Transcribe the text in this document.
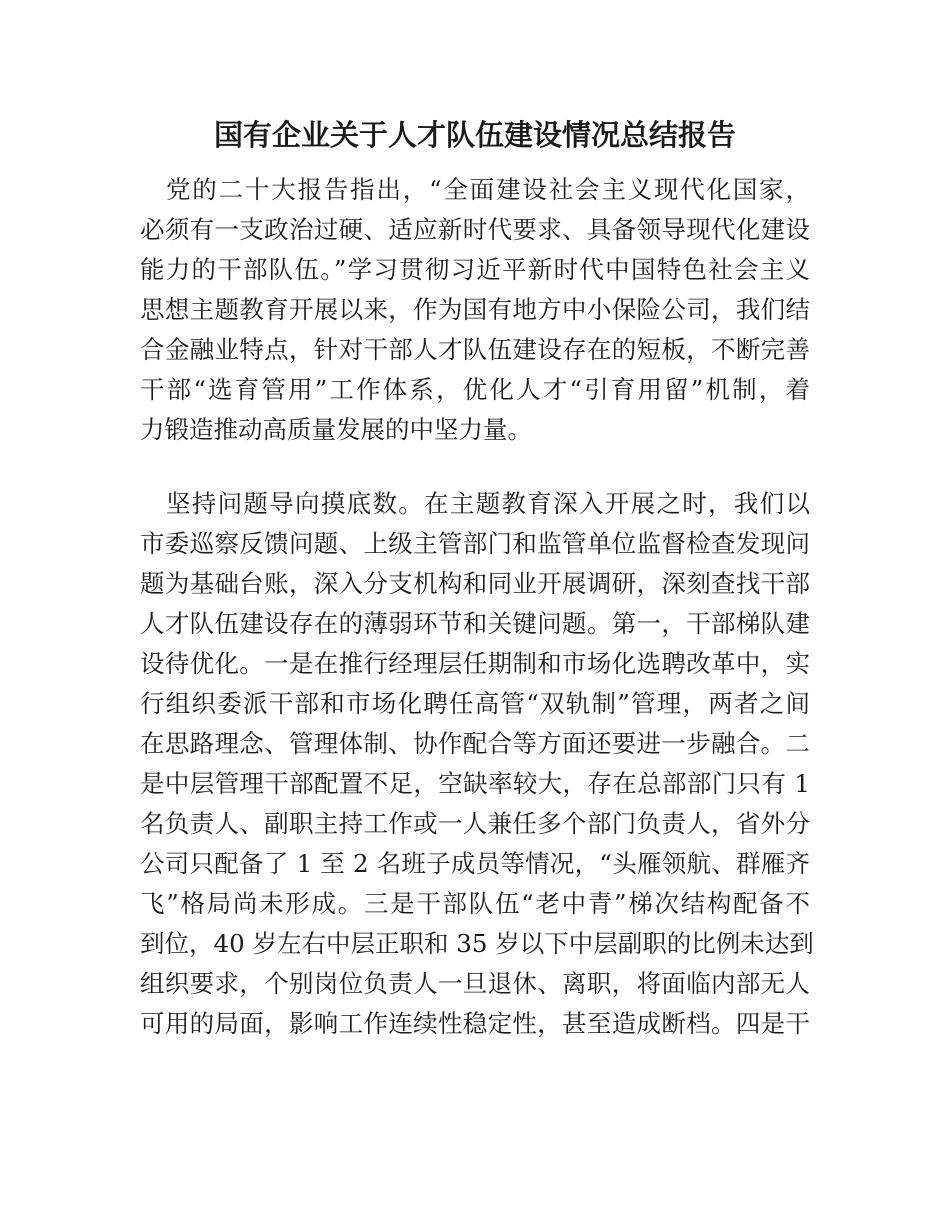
国有企业关于人才队伍建设情况总结报告
党的二十大报告指出，“全面建设社会主义现代化国家，
必须有一支政治过硬、适应新时代要求、具备领导现代化建设
能力的干部队伍。”学习贯彻习近平新时代中国特色社会主义
思想主题教育开展以来，作为国有地方中小保险公司，我们结
合金融业特点，针对干部人才队伍建设存在的短板，不断完善
干部“选育管用”工作体系，优化人才“引育用留”机制，着
力锻造推动高质量发展的中坚力量。
坚持问题导向摸底数。在主题教育深入开展之时，我们以
市委巡察反馈问题、上级主管部门和监管单位监督检查发现问
题为基础台账，深入分支机构和同业开展调研，深刻查找干部
人才队伍建设存在的薄弱环节和关键问题。第一，干部梯队建
设待优化。一是在推行经理层任期制和市场化选聘改革中，实
行组织委派干部和市场化聘任高管“双轨制”管理，两者之间
在思路理念、管理体制、协作配合等方面还要进一步融合。二
是中层管理干部配置不足，空缺率较大，存在总部部门只有 1
名负责人、副职主持工作或一人兼任多个部门负责人，省外分
公司只配备了 1 至 2 名班子成员等情况，“头雁领航、群雁齐
飞”格局尚未形成。三是干部队伍“老中青”梯次结构配备不
到位，40 岁左右中层正职和 35 岁以下中层副职的比例未达到
组织要求，个别岗位负责人一旦退休、离职，将面临内部无人
可用的局面，影响工作连续性稳定性，甚至造成断档。四是干
